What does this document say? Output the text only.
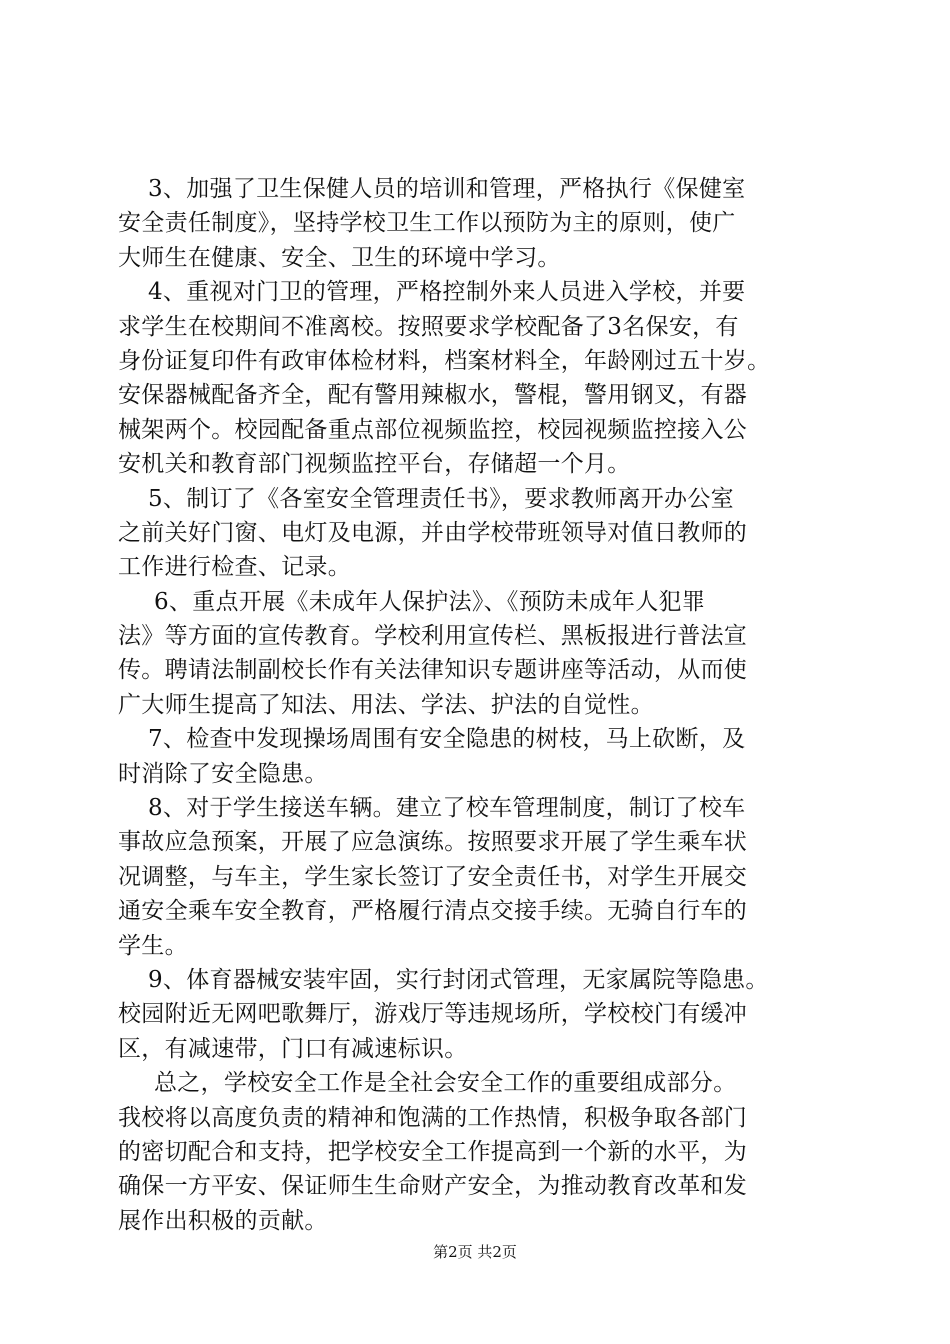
3、加强了卫生保健人员的培训和管理，严格执行《保健室
安全责任制度》，坚持学校卫生工作以预防为主的原则，使广
大师生在健康、安全、卫生的环境中学习。
4、重视对门卫的管理，严格控制外来人员进入学校，并要
求学生在校期间不准离校。按照要求学校配备了3名保安，有
身份证复印件有政审体检材料，档案材料全，年龄刚过五十岁。
安保器械配备齐全，配有警用辣椒水，警棍，警用钢叉，有器
械架两个。校园配备重点部位视频监控，校园视频监控接入公
安机关和教育部门视频监控平台，存储超一个月。
5、制订了《各室安全管理责任书》，要求教师离开办公室
之前关好门窗、电灯及电源，并由学校带班领导对值日教师的
工作进行检查、记录。
6、重点开展《未成年人保护法》、《预防未成年人犯罪
法》等方面的宣传教育。学校利用宣传栏、黑板报进行普法宣
传。聘请法制副校长作有关法律知识专题讲座等活动，从而使
广大师生提高了知法、用法、学法、护法的自觉性。
7、检查中发现操场周围有安全隐患的树枝，马上砍断，及
时消除了安全隐患。
8、对于学生接送车辆。建立了校车管理制度，制订了校车
事故应急预案，开展了应急演练。按照要求开展了学生乘车状
况调整，与车主，学生家长签订了安全责任书，对学生开展交
通安全乘车安全教育，严格履行清点交接手续。无骑自行车的
学生。
9、体育器械安装牢固，实行封闭式管理，无家属院等隐患。
校园附近无网吧歌舞厅，游戏厅等违规场所，学校校门有缓冲
区，有减速带，门口有减速标识。
总之，学校安全工作是全社会安全工作的重要组成部分。
我校将以高度负责的精神和饱满的工作热情，积极争取各部门
的密切配合和支持，把学校安全工作提高到一个新的水平，为
确保一方平安、保证师生生命财产安全，为推动教育改革和发
展作出积极的贡献。
第2页 共2页
